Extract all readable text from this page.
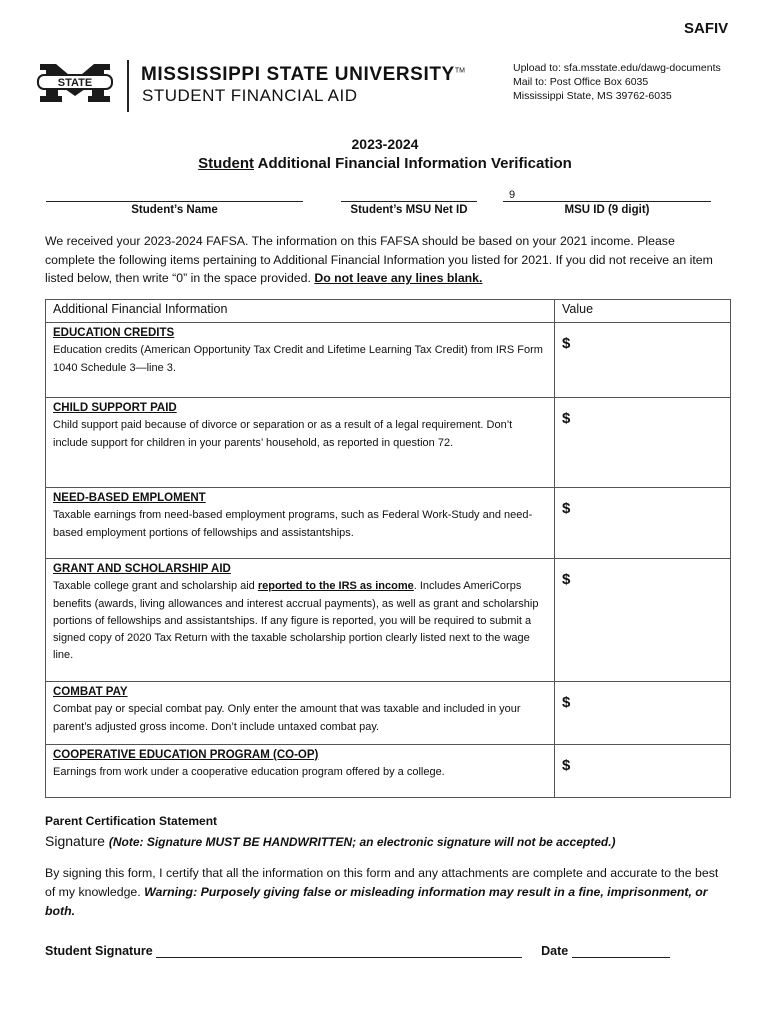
SAFIV
STATE	MISSISSIPPI STATE UNIVERSITY™
STUDENT FINANCIAL AID
Upload to: sfa.msstate.edu/dawg-documents
Mail to: Post Office Box 6035
Mississippi State, MS 39762-6035
2023-2024
Student Additional Financial Information Verification
Student’s Name	Student’s MSU Net ID
9
MSU ID (9 digit)
We received your 2023-2024 FAFSA. The information on this FAFSA should be based on your 2021 income. Please complete the following items pertaining to Additional Financial Information you listed for 2021. If you did not receive an item listed below, then write “0” in the space provided. Do not leave any lines blank.
Additional Financial Information	Value

EDUCATION CREDITS
Education credits (American Opportunity Tax Credit and Lifetime Learning Tax Credit) from IRS Form 1040 Schedule 3—line 3.	$

CHILD SUPPORT PAID
Child support paid because of divorce or separation or as a result of a legal requirement. Don’t include support for children in your parents’ household, as reported in question 72.	$

NEED-BASED EMPLOMENT
Taxable earnings from need-based employment programs, such as Federal Work-Study and need-based employment portions of fellowships and assistantships.	$

GRANT AND SCHOLARSHIP AID
Taxable college grant and scholarship aid reported to the IRS as income. Includes AmeriCorps benefits (awards, living allowances and interest accrual payments), as well as grant and scholarship portions of fellowships and assistantships. If any figure is reported, you will be required to submit a signed copy of 2020 Tax Return with the taxable scholarship portion clearly listed next to the wage line.	$

COMBAT PAY
Combat pay or special combat pay. Only enter the amount that was taxable and included in your parent’s adjusted gross income. Don’t include untaxed combat pay.	$

COOPERATIVE EDUCATION PROGRAM (CO-OP)
Earnings from work under a cooperative education program offered by a college.	$
Parent Certification Statement
Signature (Note: Signature MUST BE HANDWRITTEN; an electronic signature will not be accepted.)
By signing this form, I certify that all the information on this form and any attachments are complete and accurate to the best of my knowledge. Warning: Purposely giving false or misleading information may result in a fine, imprisonment, or both.
Student Signature	Date
